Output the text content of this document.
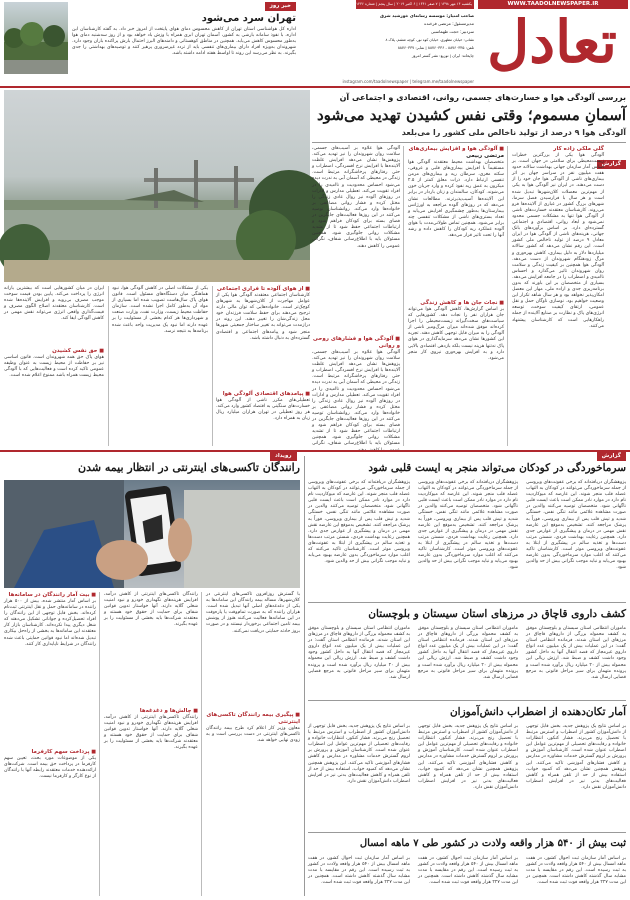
WWW.TAADOLNEWSPAPER.IR
تعادل
یکشنبه ۱۴ مهر ۱۳۹۸ | ۷ صفر ۱۴۴۱ | ۶ اکتبر ۲۰۱۹ | سال پنجم | شماره ۱۴۳۶
صاحب امتیاز: موسسه رسانه‌ای خورشید شرق
مدیرمسئول: مرتضی فرخنده
سردبیر: حجت طهماسبی
نشانی: خیابان مطهری، خیابان کوه نور، کوچه ششم، پلاک ۸
تلفن: ۸۸۷۶۰۳۳۵ - ۸۸۷۶۰۳۳۶ | نمابر: ۸۸۷۶۰۳۳۷
چاپخانه: ایران | توزیع: نشر گستر امروز
خبر روز
تهران سرد می‌شود
اداره کل هواشناسی استان تهران از کاهش محسوس دمای هوای پایتخت از امروز خبر داد. به گفته کارشناسان این اداره، با نفوذ سامانه بارشی به کشور، آسمان تهران ابری همراه با وزش باد خواهد بود و از روز سه‌شنبه دمای هوا به‌طور محسوس کاهش می‌یابد. همچنین در مناطق کوهستانی و دامنه‌های البرز احتمال بارش پراکنده باران وجود دارد. شهروندان به‌ویژه افراد دارای بیماری‌های تنفسی باید از تردد غیرضروری پرهیز کنند و توصیه‌های بهداشتی را جدی بگیرند. به نظر می‌رسد این روند تا اواسط هفته ادامه داشته باشد.
instagram.com/taadolnewspaper | telegram.me/taadolnewspaper
گزارش
بررسی آلودگی هوا و خسارت‌های جسمی، روانی، اقتصادی و اجتماعی آن
آسمانِ مسموم؛ وقتی نفس کشیدن تهدید می‌شود
آلودگی هوا ۹ درصد از تولید ناخالص ملی کشور را می‌بلعد
گلی ملکی زاده کار
آلودگی هوا یکی از بزرگترین خطرات زیست‌محیطی برای سلامتی در جهان است. بر اساس آمار سازمان جهانی بهداشت سالانه حدود هفت میلیون نفر در سراسر جهان بر اثر بیماری‌های ناشی از آلودگی هوا جان خود را از دست می‌دهند. در ایران نیز آلودگی هوا به یکی از مهم‌ترین معضلات کلان‌شهرها تبدیل شده است و هر سال با فرارسیدن فصل سرما، شهرهای بزرگ کشور در غباری از آلاینده‌ها فرو می‌روند. کارشناسان معتقدند خسارت‌های ناشی از آلودگی هوا تنها به مشکلات جسمی محدود نمی‌شود و ابعاد روانی، اقتصادی و اجتماعی گسترده‌ای دارد. بر اساس برآوردهای بانک جهانی، هزینه‌های ناشی از آلودگی هوا در ایران معادل ۹ درصد از تولید ناخالص ملی کشور است. این رقم نشان می‌دهد که کشور سالانه میلیاردها دلار به دلیل بیماری، کاهش بهره‌وری و مرگ زودهنگام شهروندان از دست می‌دهد. آلودگی هوا همچنین بر کیفیت زندگی و سلامت روان شهروندان تاثیر می‌گذارد و احساس ناامیدی و اضطراب را در جامعه افزایش می‌دهد. بسیاری از متخصصان بر این باورند که بدون برنامه‌ریزی جدی و اراده ملی، مهار این معضل امکان‌پذیر نخواهد بود و هر سال شاهد تکرار این وضعیت خواهیم بود. نوسازی ناوگان حمل و نقل عمومی، ارتقای کیفیت سوخت، توسعه انرژی‌های پاک و نظارت بر صنایع آلاینده از جمله راهکارهایی است که کارشناسان پیشنهاد می‌کنند.
■ آلودگی هوا و افزایش بیماری‌های
مرتضی ربیعی
متخصصان بهداشت محیط معتقدند آلودگی هوا مستقیماً با افزایش بیماری‌های قلبی و عروقی، سکته مغزی، سرطان ریه و بیماری‌های مزمن تنفسی ارتباط دارد. ذرات معلق کمتر از ۲.۵ میکرون به عمق ریه نفوذ کرده و وارد جریان خون می‌شوند. کودکان، سالمندان و زنان باردار در برابر این آلاینده‌ها آسیب‌پذیرترند. مطالعات نشان می‌دهد که در روزهای آلوده مراجعه به اورژانس بیمارستان‌ها به‌طور چشمگیری افزایش می‌یابد و تعداد بستری‌های ناشی از مشکلات تنفسی چند برابر می‌شود. همچنین تماس طولانی‌مدت با هوای آلوده عملکرد ریه کودکان را کاهش داده و رشد آنها را تحت تاثیر قرار می‌دهد.
■ نجات جان ها و کاهش زندگی
بر اساس گزارش‌ها، کاهش آلودگی هوا می‌تواند جان هزاران نفر را نجات دهد. کشورهایی که سیاست‌های سخت‌گیرانه زیست‌محیطی را اجرا کرده‌اند موفق شده‌اند میزان مرگ‌ومیر ناشی از آلودگی را به میزان قابل توجهی کاهش دهند. تجربه این کشورها نشان می‌دهد سرمایه‌گذاری در هوای پاک نه‌تنها هزینه نیست بلکه بازدهی اقتصادی بالایی دارد و به افزایش بهره‌وری نیروی کار منجر می‌شود.
آلودگی هوا علاوه بر آسیب‌های جسمی، سلامت روان شهروندان را نیز تهدید می‌کند. پژوهش‌ها نشان می‌دهد افزایش غلظت آلاینده‌ها با افزایش نرخ افسردگی، اضطراب و حتی رفتارهای پرخاشگرانه مرتبط است. زندگی در محیطی که آسمان آبی به ندرت دیده می‌شود احساس محدودیت و ناامیدی را در افراد تقویت می‌کند. تعطیلی مدارس و ادارات در روزهای آلوده نیز روال عادی زندگی را مختل کرده و فشار روانی مضاعفی بر خانواده‌ها وارد می‌کند. روانشناسان توصیه می‌کنند در این روزها فعالیت‌های جایگزین در فضای بسته برای کودکان فراهم شود و ارتباطات اجتماعی حفظ شود تا از تشدید مشکلات روانی جلوگیری شود. همچنین مسئولان باید با اطلاع‌رسانی شفاف، نگرانی عمومی را کاهش دهند.
■ آلودگی هوا و فشارهای روحی و روانی
آلودگی هوا علاوه بر آسیب‌های جسمی، سلامت روان شهروندان را نیز تهدید می‌کند. پژوهش‌ها نشان می‌دهد افزایش غلظت آلاینده‌ها با افزایش نرخ افسردگی، اضطراب و حتی رفتارهای پرخاشگرانه مرتبط است. زندگی در محیطی که آسمان آبی به ندرت دیده می‌شود احساس محدودیت و ناامیدی را در افراد تقویت می‌کند. تعطیلی مدارس و ادارات در روزهای آلوده نیز روال عادی زندگی را مختل کرده و فشار روانی مضاعفی بر خانواده‌ها وارد می‌کند. روانشناسان توصیه می‌کنند در این روزها فعالیت‌های جایگزین در فضای بسته برای کودکان فراهم شود و ارتباطات اجتماعی حفظ شود تا از تشدید مشکلات روانی جلوگیری شود. همچنین مسئولان باید با اطلاع‌رسانی شفاف، نگرانی
■ از هوای آلوده تا فراری اجتماعی
کارشناسان اجتماعی معتقدند آلودگی هوا یکی از عوامل مهاجرت از کلان‌شهرها به شهرهای کوچک‌تر است. خانواده‌هایی که توان مالی دارند ترجیح می‌دهند برای حفظ سلامت فرزندان خود محل زندگی‌شان را تغییر دهند. این روند در درازمدت می‌تواند به تغییر ساختار جمعیتی شهرها منجر شود و پیامدهای اجتماعی و اقتصادی گسترده‌ای به دنبال داشته باشد.
■ پیامدهای اقتصادی آلودگی هوا
تعطیلی‌های مکرر ناشی از آلودگی هوا خسارت‌های سنگینی به اقتصاد کشور وارد می‌کند. هر روز تعطیلی در تهران هزاران میلیارد ریال زیان به همراه دارد.
یکی از مشکلات اصلی در کاهش آلودگی هوا، نبود هماهنگی میان دستگاه‌های مسئول است. قانون هوای پاک سال‌هاست تصویب شده اما بسیاری از مواد آن به‌طور کامل اجرا نشده است. سازمان حفاظت محیط زیست، وزارت نفت، وزارت صنعت و شهرداری‌ها هر کدام بخشی از مسئولیت را بر عهده دارند اما نبود یک مدیریت واحد باعث شده برنامه‌ها به نتیجه نرسد.
ایران در میان کشورهایی است که بیشترین یارانه انرژی را پرداخت می‌کند. پایین بودن قیمت سوخت موجب مصرف بی‌رویه و افزایش آلاینده‌ها شده است. کارشناسان معتقدند اصلاح الگوی مصرف و قیمت‌گذاری واقعی انرژی می‌تواند نقش مهمی در کاهش آلودگی ایفا کند.
■ حق نفس کشیدن
هوای پاک حق همه شهروندان است. قانون اساسی نیز بر حفاظت از محیط زیست به عنوان وظیفه عمومی تاکید کرده است و فعالیت‌هایی که با آلودگی محیط زیست همراه باشد ممنوع اعلام شده است.
گزارش
رویداد
رانندگان تاکسی‌های اینترنتی در انتظار بیمه شدن
با گسترش روزافزون تاکسی‌های اینترنتی در کلان‌شهرها، مساله بیمه رانندگان این سامانه‌ها به یکی از دغدغه‌های اصلی آنها تبدیل شده است. هزاران راننده که به صورت تمام‌وقت یا پاره‌وقت در این سامانه‌ها فعالیت می‌کنند هنوز از پوشش بیمه تامین اجتماعی برخوردار نیستند و در صورت بروز حادثه حمایتی دریافت نمی‌کنند.
■ پیگیری بیمه رانندگان تاکسی‌های اینترنتی
معاون وزیر کار اعلام کرد طرح بیمه رانندگان تاکسی‌های اینترنتی در دست بررسی است و به زودی نهایی خواهد شد.
رانندگان تاکسی‌های اینترنتی از کاهش درآمد، افزایش هزینه‌های نگهداری خودرو و نبود امنیت شغلی گلایه دارند. آنها خواستار تدوین قوانین شفاف برای حمایت از حقوق خود هستند و معتقدند شرکت‌ها باید بخشی از مسئولیت را بر عهده بگیرند.
■ چالش‌ها و دغدغه‌ها
رانندگان تاکسی‌های اینترنتی از کاهش درآمد، افزایش هزینه‌های نگهداری خودرو و نبود امنیت شغلی گلایه دارند. آنها خواستار تدوین قوانین شفاف برای حمایت از حقوق خود هستند و معتقدند شرکت‌ها باید بخشی از مسئولیت را بر عهده بگیرند.
■ بیت آمار رانندگان در سامانه‌ها
بر اساس آمار منتشر شده، بیش از ۵۰۰ هزار راننده در سامانه‌های حمل و نقل اینترنتی ثبت‌نام کرده‌اند. بخش قابل توجهی از این رانندگان را افراد تحصیل‌کرده و جوانانی تشکیل می‌دهند که شغل دیگری پیدا نکرده‌اند. کارشناسان بازار کار معتقدند این سامانه‌ها به بخشی از راه‌حل بیکاری تبدیل شده‌اند اما نبود قوانین حمایتی باعث شده رانندگان در شرایط ناپایداری کار کنند.
■ پرداخت سهم کارفرما
یکی از موضوعات مورد بحث، تعیین سهم کارفرما در پرداخت حق بیمه است. شرکت‌های ارائه‌دهنده خدمات معتقدند رابطه آنها با رانندگان از نوع کارگر و کارفرما نیست.
سرماخوردگی در کودکان می‌تواند منجر به ایست قلبی شود
پژوهشگران دریافته‌اند که برخی عفونت‌های ویروسی از جمله سرماخوردگی می‌توانند در کودکان به التهاب عضله قلب منجر شوند. این عارضه که میوکاردیت نام دارد در موارد نادر ممکن است باعث ایست قلبی ناگهانی شود. متخصصان توصیه می‌کنند والدین در صورت مشاهده علائمی مانند تنگی نفس، خستگی شدید و تپش قلب پس از بیماری ویروسی، فوراً به پزشک مراجعه کنند. تشخیص به‌موقع این عارضه نقش مهمی در درمان و پیشگیری از عوارض جدی دارد. همچنین رعایت بهداشت فردی، شستن مرتب دست‌ها و تغذیه سالم در پیشگیری از ابتلا به عفونت‌های ویروسی موثر است. کارشناسان تاکید می‌کنند که اغلب موارد سرماخوردگی بدون عارضه بهبود می‌یابد و نباید موجب نگرانی بیش از حد والدین شود.
پژوهشگران دریافته‌اند که برخی عفونت‌های ویروسی از جمله سرماخوردگی می‌توانند در کودکان به التهاب عضله قلب منجر شوند. این عارضه که میوکاردیت نام دارد در موارد نادر ممکن است باعث ایست قلبی ناگهانی شود. متخصصان توصیه می‌کنند والدین در صورت مشاهده علائمی مانند تنگی نفس، خستگی شدید و تپش قلب پس از بیماری ویروسی، فوراً به پزشک مراجعه کنند. تشخیص به‌موقع این عارضه نقش مهمی در درمان و پیشگیری از عوارض جدی دارد. همچنین رعایت بهداشت فردی، شستن مرتب دست‌ها و تغذیه سالم در پیشگیری از ابتلا به عفونت‌های ویروسی موثر است. کارشناسان تاکید می‌کنند که اغلب موارد سرماخوردگی بدون عارضه بهبود می‌یابد و نباید موجب نگرانی بیش از حد والدین شود.
پژوهشگران دریافته‌اند که برخی عفونت‌های ویروسی از جمله سرماخوردگی می‌توانند در کودکان به التهاب عضله قلب منجر شوند. این عارضه که میوکاردیت نام دارد در موارد نادر ممکن است باعث ایست قلبی ناگهانی شود. متخصصان توصیه می‌کنند والدین در صورت مشاهده علائمی مانند تنگی نفس، خستگی شدید و تپش قلب پس از بیماری ویروسی، فوراً به پزشک مراجعه کنند. تشخیص به‌موقع این عارضه نقش مهمی در درمان و پیشگیری از عوارض جدی دارد. همچنین رعایت بهداشت فردی، شستن مرتب دست‌ها و تغذیه سالم در پیشگیری از ابتلا به عفونت‌های ویروسی موثر است. کارشناسان تاکید می‌کنند که اغلب موارد سرماخوردگی بدون عارضه بهبود می‌یابد و نباید موجب نگرانی بیش از حد والدین شود.
کشف داروی قاچاق در مرزهای استان سیستان و بلوچستان
ماموران انتظامی استان سیستان و بلوچستان موفق به کشف محموله بزرگی از داروهای قاچاق در مرزهای این استان شدند. فرمانده انتظامی استان گفت: در این عملیات بیش از یک میلیون عدد انواع داروی غیرمجاز که قصد انتقال آنها به داخل کشور وجود داشت کشف و ضبط شد. ارزش ریالی این محموله بیش از ۲۰ میلیارد ریال برآورد شده است و پرونده متهمان برای سیر مراحل قانونی به مرجع قضایی ارسال شد.
ماموران انتظامی استان سیستان و بلوچستان موفق به کشف محموله بزرگی از داروهای قاچاق در مرزهای این استان شدند. فرمانده انتظامی استان گفت: در این عملیات بیش از یک میلیون عدد انواع داروی غیرمجاز که قصد انتقال آنها به داخل کشور وجود داشت کشف و ضبط شد. ارزش ریالی این محموله بیش از ۲۰ میلیارد ریال برآورد شده است و پرونده متهمان برای سیر مراحل قانونی به مرجع قضایی ارسال شد.
ماموران انتظامی استان سیستان و بلوچستان موفق به کشف محموله بزرگی از داروهای قاچاق در مرزهای این استان شدند. فرمانده انتظامی استان گفت: در این عملیات بیش از یک میلیون عدد انواع داروی غیرمجاز که قصد انتقال آنها به داخل کشور وجود داشت کشف و ضبط شد. ارزش ریالی این محموله بیش از ۲۰ میلیارد ریال برآورد شده است و پرونده متهمان برای سیر مراحل قانونی به مرجع قضایی ارسال شد.
آمار تکان‌دهنده از اضطراب دانش‌آموزان
بر اساس نتایج یک پژوهش جدید، بخش قابل توجهی از دانش‌آموزان کشور از اضطراب و استرس مرتبط با تحصیل رنج می‌برند. فشار کنکور، انتظارات خانواده و رقابت‌های تحصیلی از مهم‌ترین عوامل این اضطراب عنوان شده است. کارشناسان آموزش و پرورش بر لزوم گسترش خدمات مشاوره در مدارس و کاهش فشارهای آموزشی تاکید می‌کنند. این پژوهش همچنین نشان می‌دهد که کمبود خواب، استفاده بیش از حد از تلفن همراه و کاهش فعالیت‌های بدنی نیز در افزایش اضطراب دانش‌آموزان نقش دارد.
بر اساس نتایج یک پژوهش جدید، بخش قابل توجهی از دانش‌آموزان کشور از اضطراب و استرس مرتبط با تحصیل رنج می‌برند. فشار کنکور، انتظارات خانواده و رقابت‌های تحصیلی از مهم‌ترین عوامل این اضطراب عنوان شده است. کارشناسان آموزش و پرورش بر لزوم گسترش خدمات مشاوره در مدارس و کاهش فشارهای آموزشی تاکید می‌کنند. این پژوهش همچنین نشان می‌دهد که کمبود خواب، استفاده بیش از حد از تلفن همراه و کاهش فعالیت‌های بدنی نیز در افزایش اضطراب دانش‌آموزان نقش دارد.
بر اساس نتایج یک پژوهش جدید، بخش قابل توجهی از دانش‌آموزان کشور از اضطراب و استرس مرتبط با تحصیل رنج می‌برند. فشار کنکور، انتظارات خانواده و رقابت‌های تحصیلی از مهم‌ترین عوامل این اضطراب عنوان شده است. کارشناسان آموزش و پرورش بر لزوم گسترش خدمات مشاوره در مدارس و کاهش فشارهای آموزشی تاکید می‌کنند. این پژوهش همچنین نشان می‌دهد که کمبود خواب، استفاده بیش از حد از تلفن همراه و کاهش فعالیت‌های بدنی نیز در افزایش اضطراب دانش‌آموزان نقش دارد.
ثبت بیش از ۵۴۰ هزار واقعه ولادت در کشور طی ۷ ماهه امسال
بر اساس آمار سازمان ثبت احوال کشور، در هفت ماهه امسال بیش از ۵۴۰ هزار واقعه ولادت در کشور به ثبت رسیده است. این رقم در مقایسه با مدت مشابه سال گذشته کاهش داشته است. همچنین در این مدت ۲۲۷ هزار واقعه فوت ثبت شده است.
بر اساس آمار سازمان ثبت احوال کشور، در هفت ماهه امسال بیش از ۵۴۰ هزار واقعه ولادت در کشور به ثبت رسیده است. این رقم در مقایسه با مدت مشابه سال گذشته کاهش داشته است. همچنین در این مدت ۲۲۷ هزار واقعه فوت ثبت شده است.
بر اساس آمار سازمان ثبت احوال کشور، در هفت ماهه امسال بیش از ۵۴۰ هزار واقعه ولادت در کشور به ثبت رسیده است. این رقم در مقایسه با مدت مشابه سال گذشته کاهش داشته است. همچنین در این مدت ۲۲۷ هزار واقعه فوت ثبت شده است.
